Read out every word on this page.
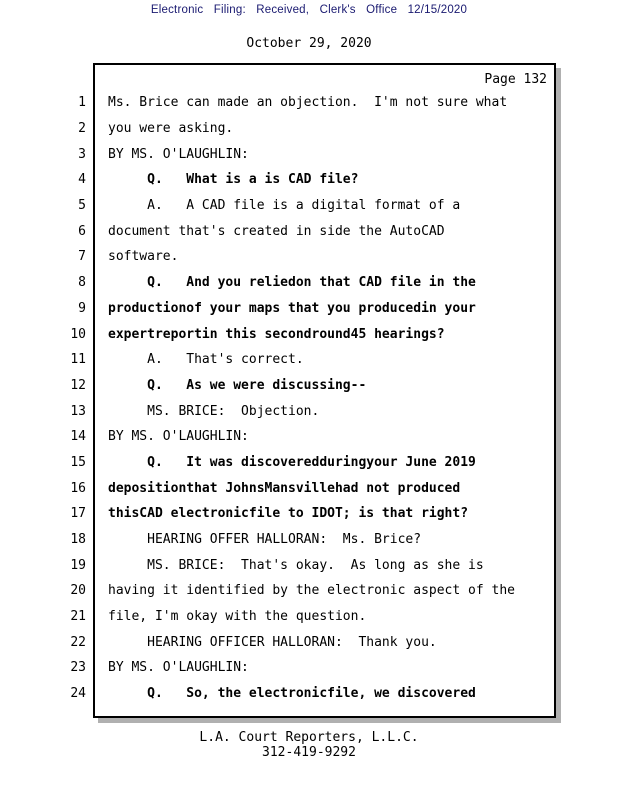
Electronic Filing: Received, Clerk's Office 12/15/2020
October 29, 2020
Page 132
1 Ms. Brice can made an objection.  I'm not sure what
2 you were asking.
3 BY MS. O'LAUGHLIN:
4 Q.   What is a is CAD file?
5 A.   A CAD file is a digital format of a
6 document that's created in side the AutoCAD
7 software.
8 Q.   And you reliedon that CAD file in the
9 productionof your maps that you producedin your
10 expertreportin this secondround45 hearings?
11 A.   That's correct.
12 Q.   As we were discussing--
13 MS. BRICE:  Objection.
14 BY MS. O'LAUGHLIN:
15 Q.   It was discoveredduringyour June 2019
16 depositionthat JohnsMansvillehad not produced
17 thisCAD electronicfile to IDOT; is that right?
18 HEARING OFFER HALLORAN:  Ms. Brice?
19 MS. BRICE:  That's okay.  As long as she is
20 having it identified by the electronic aspect of the
21 file, I'm okay with the question.
22 HEARING OFFICER HALLORAN:  Thank you.
23 BY MS. O'LAUGHLIN:
24 Q.   So, the electronicfile, we discovered
L.A. Court Reporters, L.L.C.
312-419-9292
